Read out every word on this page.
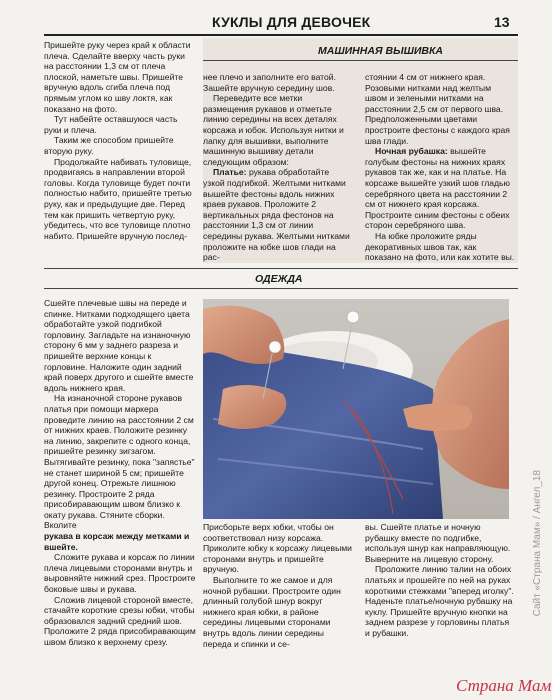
КУКЛЫ ДЛЯ ДЕВОЧЕК	13

Пришейте руку через край к области плеча. Сделайте вверху часть руки на расстоянии 1,3 см от плеча плоской, наметьте швы. Пришейте вручную вдоль сгиба плеча под прямым углом ко шву локтя, как показано на фото.

Тут набейте оставшуюся часть руки и плеча.

Таким же способом пришейте вторую руку.

Продолжайте набивать туловище, продвигаясь в направлении второй головы. Когда туловище будет почти полностью набито, пришейте третью руку, как и предыдущие две. Перед тем как пришить четвертую руку, убедитесь, что все туловище плотно набито. Пришейте вручную послед-

МАШИННАЯ ВЫШИВКА

нее плечо и заполните его ватой. Зашейте вручную середину шов.

Переведите все метки размещения рукавов и отметьте линию середины на всех деталях корсажа и юбок. Используя нитки и лапку для вышивки, выполните машинную вышивку детали следующим образом:

Платье: рукава обработайте узкой подгибкой. Желтыми нитками вышейте фестоны вдоль нижних краев рукавов. Проложите 2 вертикальных ряда фестонов на расстоянии 1,3 см от линии середины рукава. Желтыми нитками проложите на юбке шов глади на рас-

стоянии 4 см от нижнего края. Розовыми нитками над желтым швом и зелеными нитками на расстоянии 2,5 см от первого шва. Предположенными цветами простроите фестоны с каждого края шва глади.

Ночная рубашка: вышейте голубым фестоны на нижних краях рукавов так же, как и на платье. На корсаже вышейте узкий шов гладью серебряного цвета на расстоянии 2 см от нижнего края корсажа. Простроите синим фестоны с обеих сторон серебряного шва.

На юбке проложите ряды декоративных швов так, как показано на фото, или как хотите вы.

ОДЕЖДА

Сшейте плечевые швы на переде и спинке. Нитками подходящего цвета обработайте узкой подгибкой горловину. Загладьте на изнаночную сторону 6 мм у заднего разреза и пришейте верхние концы к горловине. Наложите один задний край поверх другого и сшейте вместе вдоль нижнего края.

На изнаночной стороне рукавов платья при помощи маркера проведите линию на расстоянии 2 см от нижних краев. Положите резинку на линию, закрепите с одного конца, пришейте резинку зигзагом. Вытягивайте резинку, пока "запястье" не станет шириной 5 см; пришейте другой конец. Отрежьте лишнюю резинку. Простроите 2 ряда присобиравающим швом близко к окату рукава. Стяните сборки. Вколите

рукава в корсаж между метками и вшейте.

Сложите рукава и корсаж по линии плеча лицевыми сторонами внутрь и выровняйте нижний срез. Простроите боковые швы и рукава.

Сложив лицевой стороной вместе, стачайте короткие срезы юбки, чтобы образовался задний средний шов. Проложите 2 ряда присобиравающим швом близко к верхнему срезу.

Присборьте верх юбки, чтобы он соответствовал низу корсажа. Приколите юбку к корсажу лицевыми сторонами внутрь и пришейте вручную.

Выполните то же самое и для ночной рубашки. Простроите один длинный голубой шнур вокруг нижнего края юбки, в районе середины лицевыми сторонами внутрь вдоль линии середины переда и спинки и се-

вы. Сшейте платье и ночную рубашку вместе по подгибке, используя шнур как направляющую. Выверните на лицевую сторону.

Проложите линию талии на обоих платьях и прошейте по ней на руках короткими стежками "вперед иголку". Наденьте платье/ночную рубашку на куклу. Пришейте вручную кнопки на заднем разрезе у горловины платья и рубашки.

Сайт «Страна Мам» / Ангел_18
Страна Мам
